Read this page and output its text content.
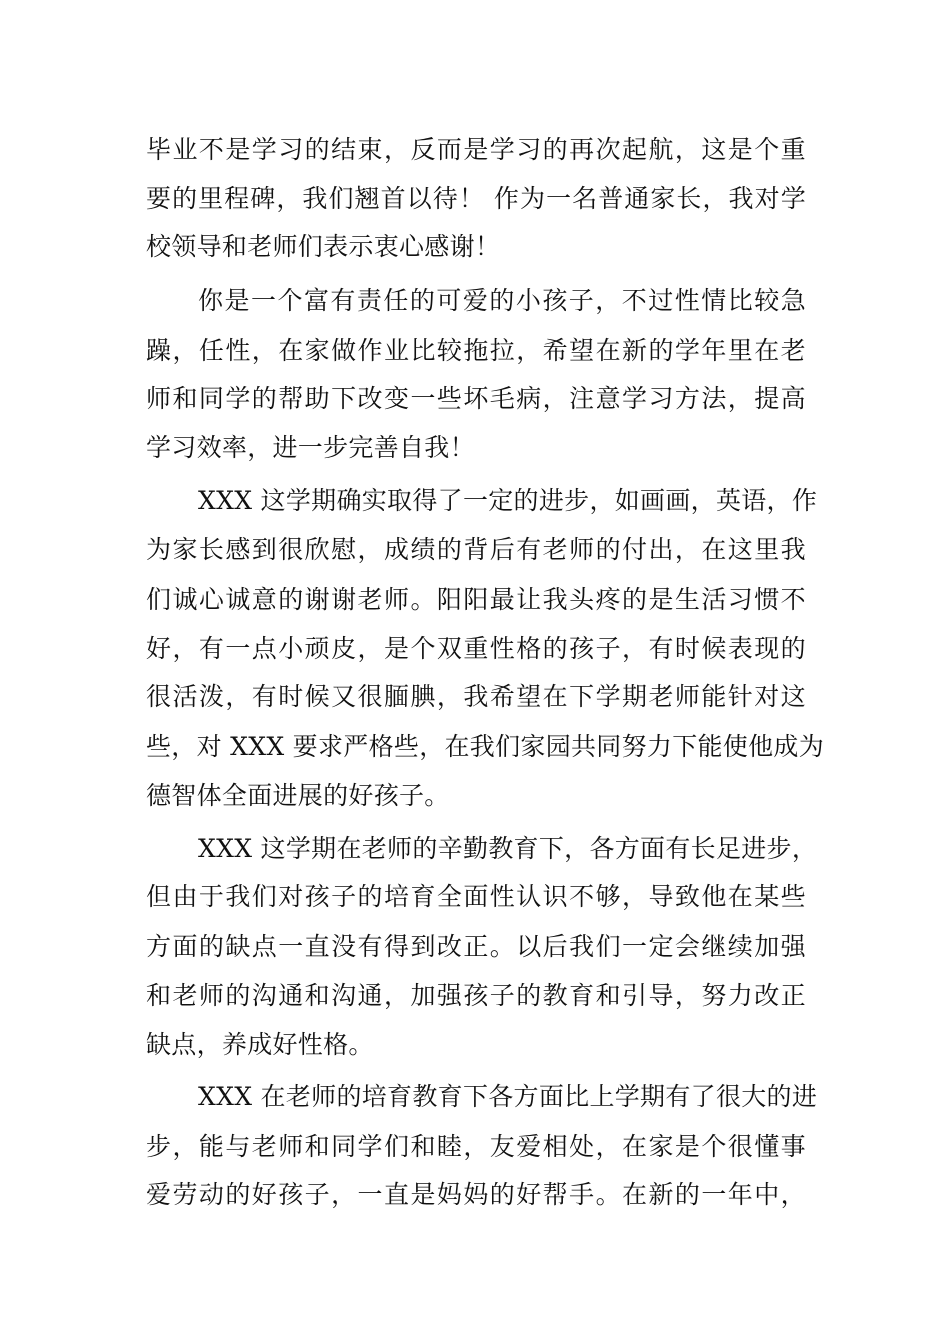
毕业不是学习的结束，反而是学习的再次起航，这是个重
要的里程碑，我们翘首以待！ 作为一名普通家长，我对学
校领导和老师们表示衷心感谢！
你是一个富有责任的可爱的小孩子，不过性情比较急
躁，任性，在家做作业比较拖拉，希望在新的学年里在老
师和同学的帮助下改变一些坏毛病，注意学习方法，提高
学习效率，进一步完善自我！
XXX 这学期确实取得了一定的进步，如画画，英语，作
为家长感到很欣慰，成绩的背后有老师的付出，在这里我
们诚心诚意的谢谢老师。阳阳最让我头疼的是生活习惯不
好，有一点小顽皮，是个双重性格的孩子，有时候表现的
很活泼，有时候又很腼腆，我希望在下学期老师能针对这
些，对 XXX 要求严格些，在我们家园共同努力下能使他成为
德智体全面进展的好孩子。
XXX 这学期在老师的辛勤教育下，各方面有长足进步，
但由于我们对孩子的培育全面性认识不够，导致他在某些
方面的缺点一直没有得到改正。以后我们一定会继续加强
和老师的沟通和沟通，加强孩子的教育和引导，努力改正
缺点，养成好性格。
XXX 在老师的培育教育下各方面比上学期有了很大的进
步，能与老师和同学们和睦，友爱相处，在家是个很懂事
爱劳动的好孩子，一直是妈妈的好帮手。在新的一年中，
